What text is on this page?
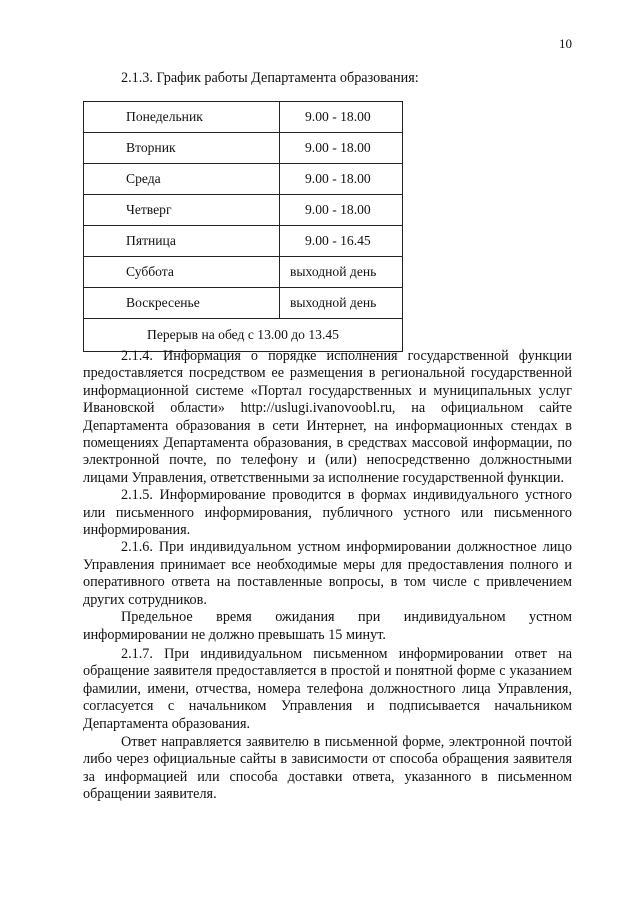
10
2.1.3. График работы Департамента образования:
Понедельник	9.00 - 18.00
Вторник	9.00 - 18.00
Среда	9.00 - 18.00
Четверг	9.00 - 18.00
Пятница	9.00 - 16.45
Суббота	выходной день
Воскресенье	выходной день
Перерыв на обед с 13.00 до 13.45	

2.1.4. Информация о порядке исполнения государственной функции предоставляется посредством ее размещения в региональной государственной информационной системе «Портал государственных и муниципальных услуг Ивановской области» http://uslugi.ivanovoobl.ru, на официальном сайте Департамента образования в сети Интернет, на информационных стендах в помещениях Департамента образования, в средствах массовой информации, по электронной почте, по телефону и (или) непосредственно должностными лицами Управления, ответственными за исполнение государственной функции.

2.1.5. Информирование проводится в формах индивидуального устного или письменного информирования, публичного устного или письменного информирования.

2.1.6. При индивидуальном устном информировании должностное лицо Управления принимает все необходимые меры для предоставления полного и оперативного ответа на поставленные вопросы, в том числе с привлечением других сотрудников.

Предельное время ожидания при индивидуальном устном информировании не должно превышать 15 минут.

2.1.7. При индивидуальном письменном информировании ответ на обращение заявителя предоставляется в простой и понятной форме с указанием фамилии, имени, отчества, номера телефона должностного лица Управления, согласуется с начальником Управления и подписывается начальником Департамента образования.

Ответ направляется заявителю в письменной форме, электронной почтой либо через официальные сайты в зависимости от способа обращения заявителя за информацией или способа доставки ответа, указанного в письменном обращении заявителя.
